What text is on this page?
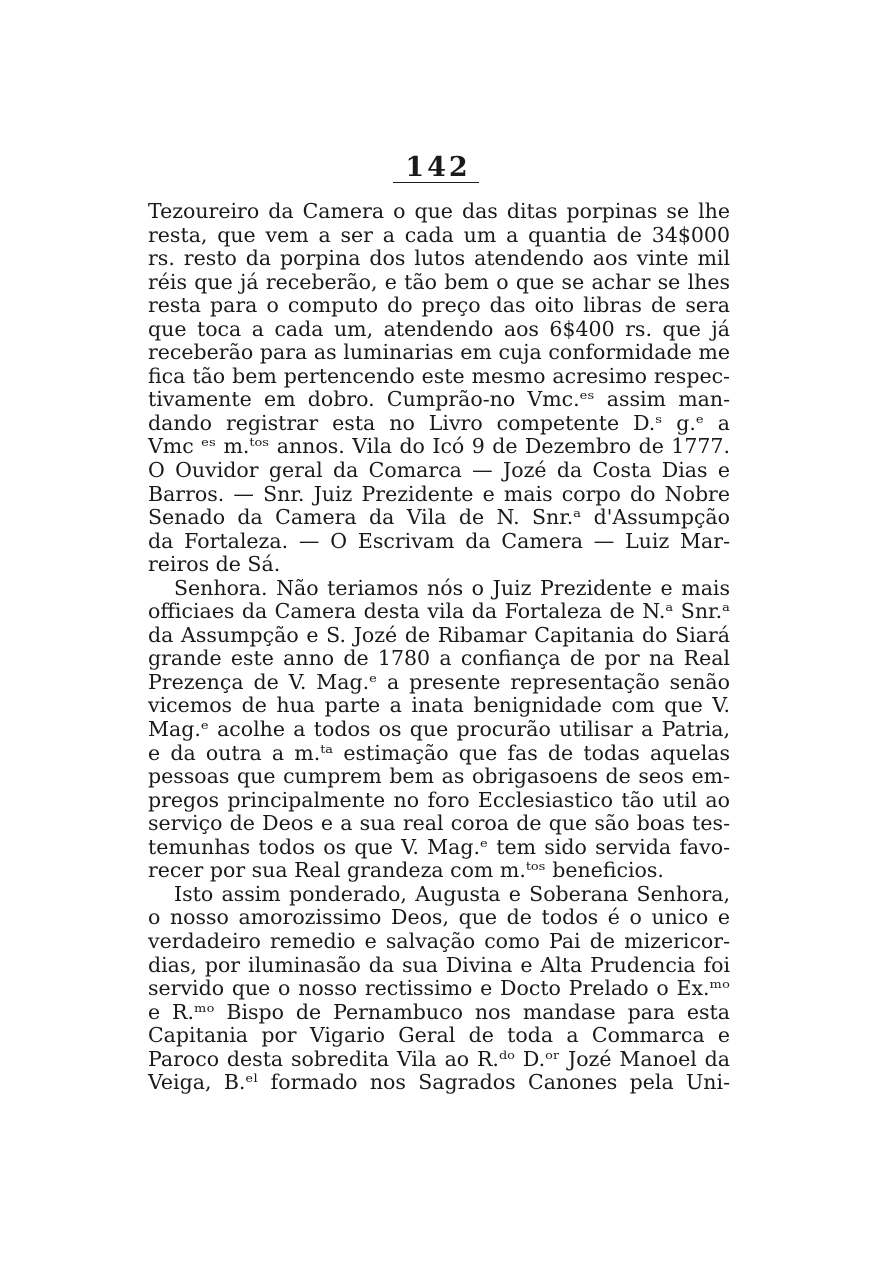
142
Tezoureiro da Camera o que das ditas porpinas se lhe
resta, que vem a ser a cada um a quantia de 34$000
rs. resto da porpina dos lutos atendendo aos vinte mil
réis que já receberão, e tão bem o que se achar se lhes
resta para o computo do preço das oito libras de sera
que toca a cada um, atendendo aos 6$400 rs. que já
receberão para as luminarias em cuja conformidade me
fica tão bem pertencendo este mesmo acresimo respec-
tivamente em dobro. Cumprão-no Vmc.ᵉˢ assim man-
dando registrar esta no Livro competente D.ˢ g.ᵉ a
Vmc ᵉˢ m.ᵗᵒˢ annos. Vila do Icó 9 de Dezembro de 1777.
O Ouvidor geral da Comarca — Jozé da Costa Dias e
Barros. — Snr. Juiz Prezidente e mais corpo do Nobre
Senado da Camera da Vila de N. Snr.ᵃ d'Assumpção
da Fortaleza. — O Escrivam da Camera — Luiz Mar-
reiros de Sá.
Senhora. Não teriamos nós o Juiz Prezidente e mais
officiaes da Camera desta vila da Fortaleza de N.ᵃ Snr.ᵃ
da Assumpção e S. Jozé de Ribamar Capitania do Siará
grande este anno de 1780 a confiança de por na Real
Prezença de V. Mag.ᵉ a presente representação senão
vicemos de hua parte a inata benignidade com que V.
Mag.ᵉ acolhe a todos os que procurão utilisar a Patria,
e da outra a m.ᵗᵃ estimação que fas de todas aquelas
pessoas que cumprem bem as obrigasoens de seos em-
pregos principalmente no foro Ecclesiastico tão util ao
serviço de Deos e a sua real coroa de que são boas tes-
temunhas todos os que V. Mag.ᵉ tem sido servida favo-
recer por sua Real grandeza com m.ᵗᵒˢ beneficios.
Isto assim ponderado, Augusta e Soberana Senhora,
o nosso amorozissimo Deos, que de todos é o unico e
verdadeiro remedio e salvação como Pai de mizericor-
dias, por iluminasão da sua Divina e Alta Prudencia foi
servido que o nosso rectissimo e Docto Prelado o Ex.ᵐᵒ
e R.ᵐᵒ Bispo de Pernambuco nos mandase para esta
Capitania por Vigario Geral de toda a Commarca e
Paroco desta sobredita Vila ao R.ᵈᵒ D.ᵒʳ Jozé Manoel da
Veiga, B.ᵉˡ formado nos Sagrados Canones pela Uni-
